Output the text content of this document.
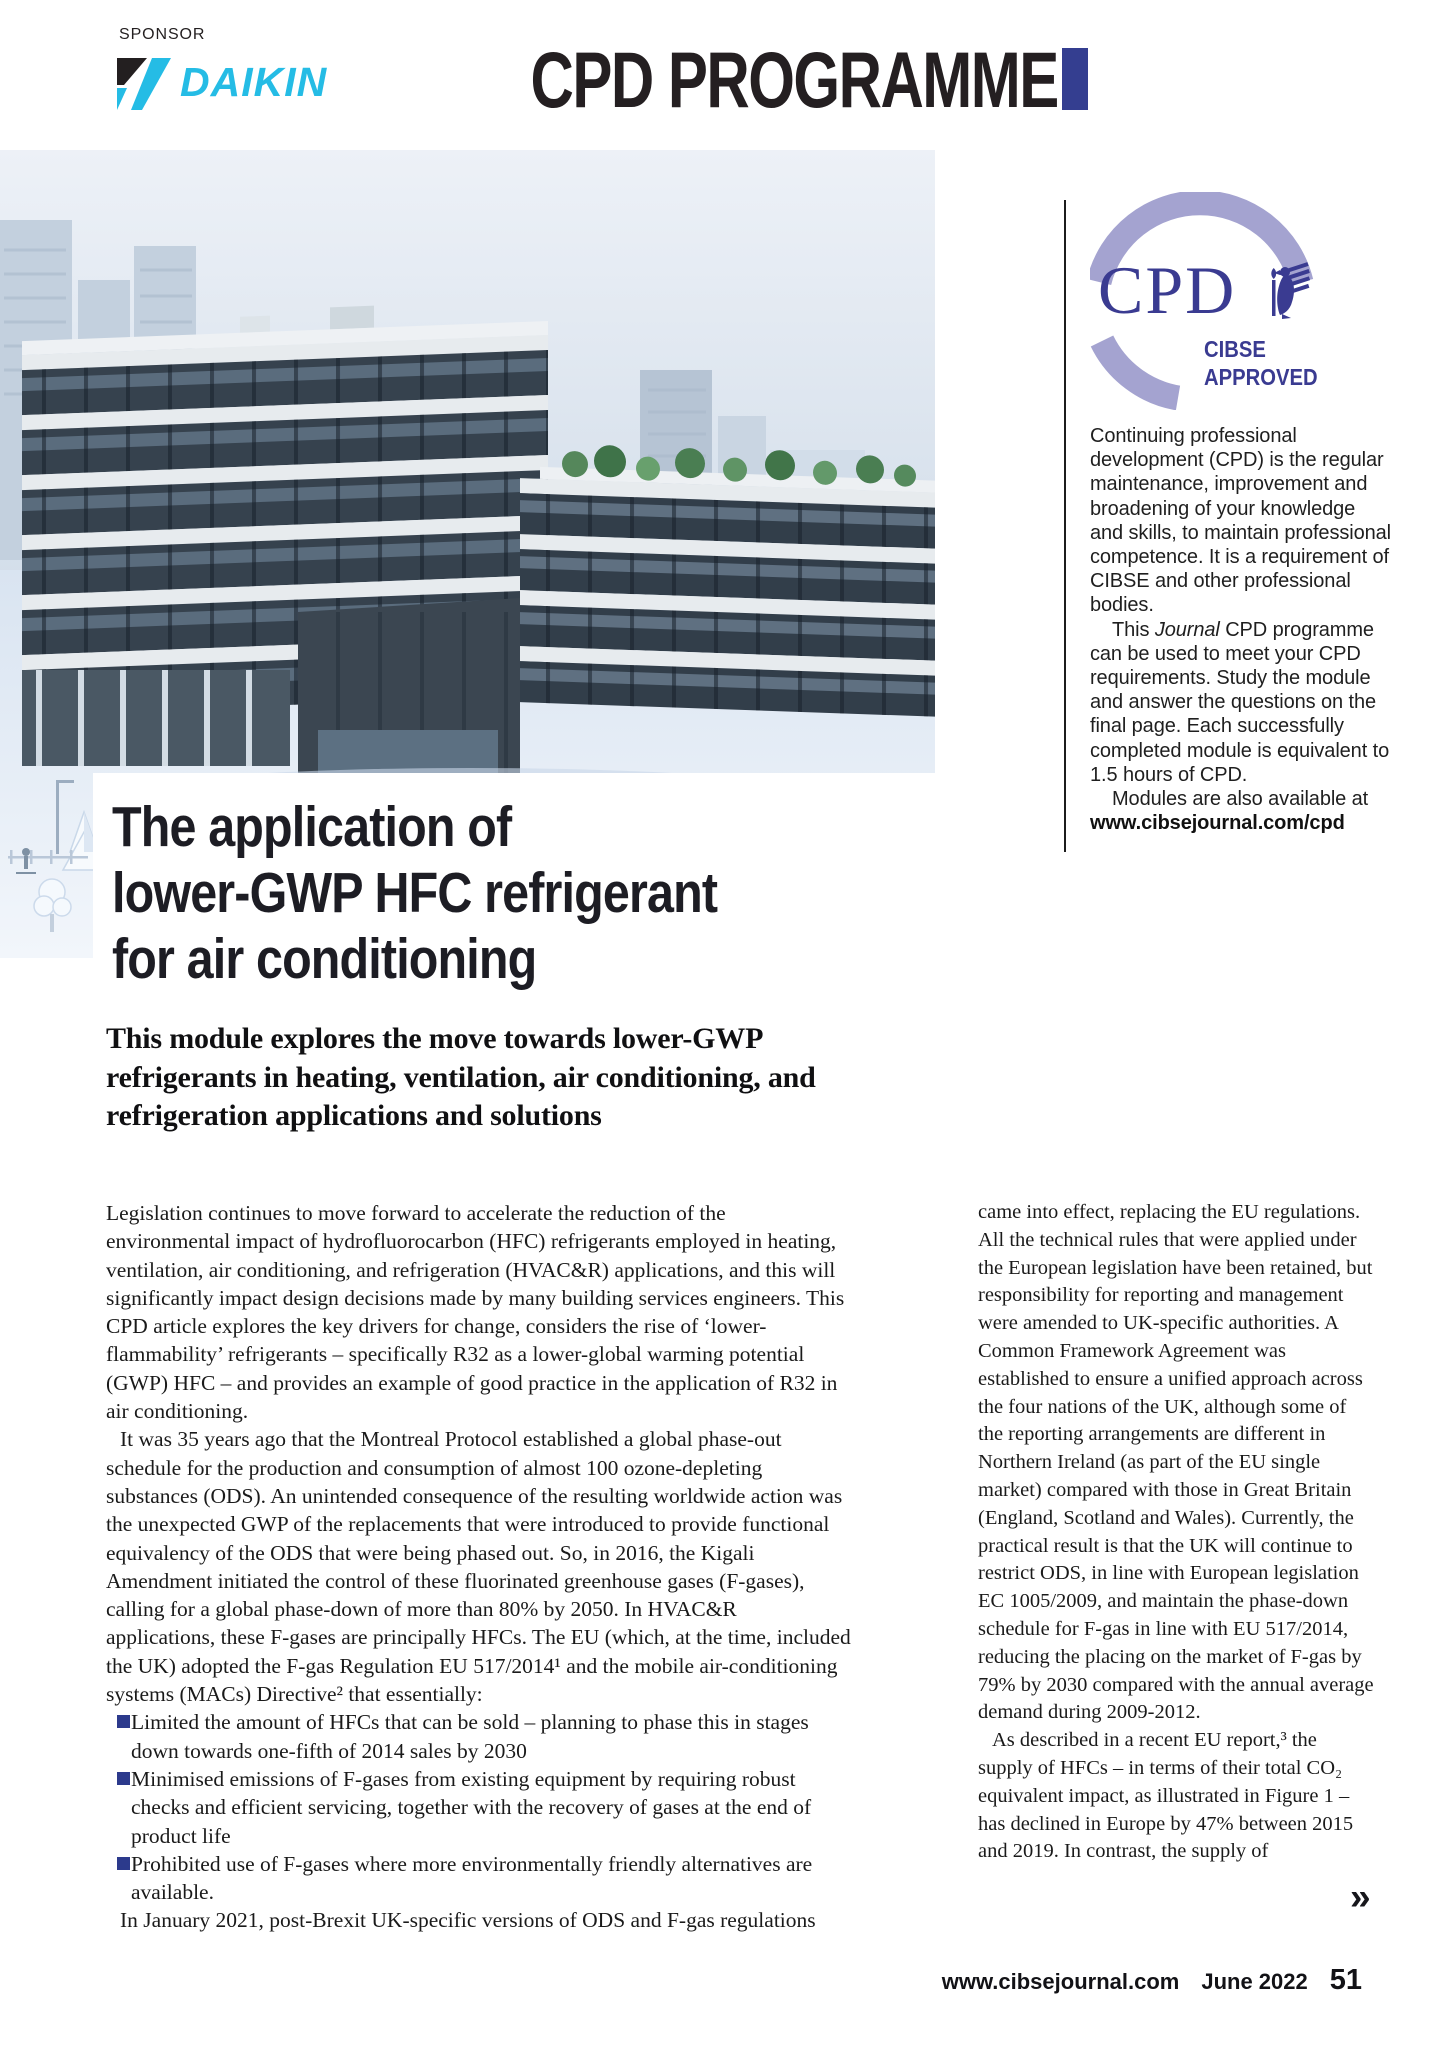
SPONSOR
DAIKIN	CPD PROGRAMME
The application of
lower-GWP HFC refrigerant
for air conditioning
This module explores the move towards lower-GWP
refrigerants in heating, ventilation, air conditioning, and
refrigeration applications and solutions
CPD
CIBSE
APPROVED

Continuing professional development (CPD) is the regular maintenance, improvement and broadening of your knowledge and skills, to maintain professional competence. It is a requirement of CIBSE and other professional bodies.

This Journal CPD programme can be used to meet your CPD requirements. Study the module and answer the questions on the final page. Each successfully completed module is equivalent to 1.5 hours of CPD.

Modules are also available at www.cibsejournal.com/cpd

Legislation continues to move forward to accelerate the reduction of the environmental impact of hydrofluorocarbon (HFC) refrigerants employed in heating, ventilation, air conditioning, and refrigeration (HVAC&R) applications, and this will significantly impact design decisions made by many building services engineers. This CPD article explores the key drivers for change, considers the rise of ‘lower-flammability’ refrigerants – specifically R32 as a lower-global warming potential (GWP) HFC – and provides an example of good practice in the application of R32 in air conditioning.

It was 35 years ago that the Montreal Protocol established a global phase-out schedule for the production and consumption of almost 100 ozone-depleting substances (ODS). An unintended consequence of the resulting worldwide action was the unexpected GWP of the replacements that were introduced to provide functional equivalency of the ODS that were being phased out. So, in 2016, the Kigali Amendment initiated the control of these fluorinated greenhouse gases (F-gases), calling for a global phase-down of more than 80% by 2050. In HVAC&R applications, these F-gases are principally HFCs. The EU (which, at the time, included the UK) adopted the F-gas Regulation EU 517/2014¹ and the mobile air-conditioning systems (MACs) Directive² that essentially:

Limited the amount of HFCs that can be sold – planning to phase this in stages down towards one-fifth of 2014 sales by 2030
Minimised emissions of F-gases from existing equipment by requiring robust checks and efficient servicing, together with the recovery of gases at the end of product life
Prohibited use of F-gases where more environmentally friendly alternatives are available.

In January 2021, post-Brexit UK-specific versions of ODS and F-gas regulations

came into effect, replacing the EU regulations. All the technical rules that were applied under the European legislation have been retained, but responsibility for reporting and management were amended to UK-specific authorities. A Common Framework Agreement was established to ensure a unified approach across the four nations of the UK, although some of the reporting arrangements are different in Northern Ireland (as part of the EU single market) compared with those in Great Britain (England, Scotland and Wales). Currently, the practical result is that the UK will continue to restrict ODS, in line with European legislation EC 1005/2009, and maintain the phase-down schedule for F-gas in line with EU 517/2014, reducing the placing on the market of F-gas by 79% by 2030 compared with the annual average demand during 2009-2012.

As described in a recent EU report,³ the supply of HFCs – in terms of their total CO₂ equivalent impact, as illustrated in Figure 1 – has declined in Europe by 47% between 2015 and 2019. In contrast, the supply of

»
www.cibsejournal.com June 2022 51
